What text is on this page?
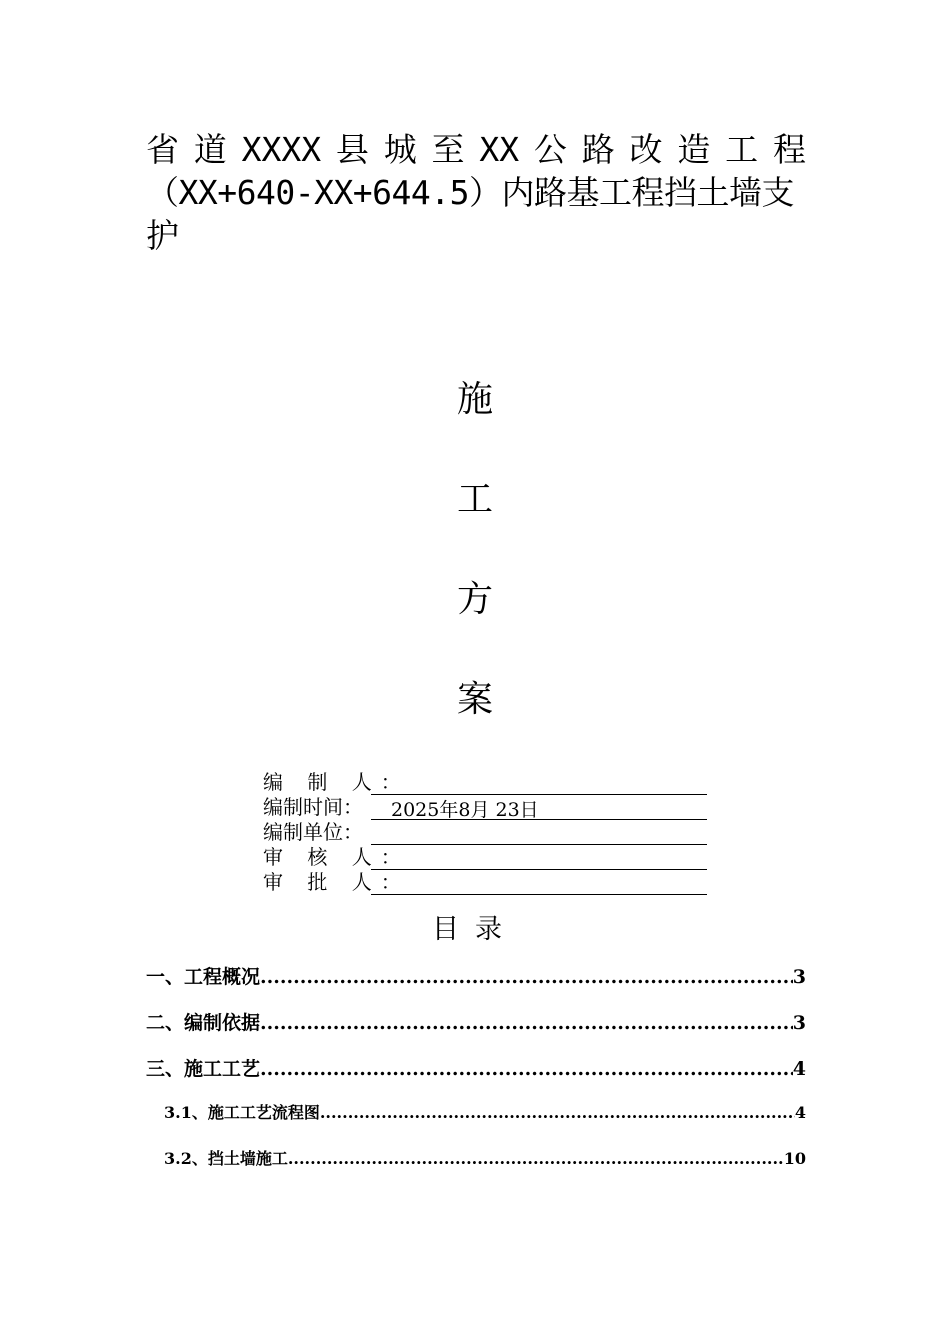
省道XXXX县城至XX公路改造工程
（XX+640-XX+644.5）内路基工程挡土墙支
护
施
工
方
案
编 制 人：
编制时间：	2025年8月 23日
编制单位：
审 核 人：
审 批 人：
目录
一、工程概况 .....	3
二、编制依据 .....	3
三、施工工艺 .....	4
3.1、施工工艺流程图 .....	4
3.2、挡土墙施工 .....	10
